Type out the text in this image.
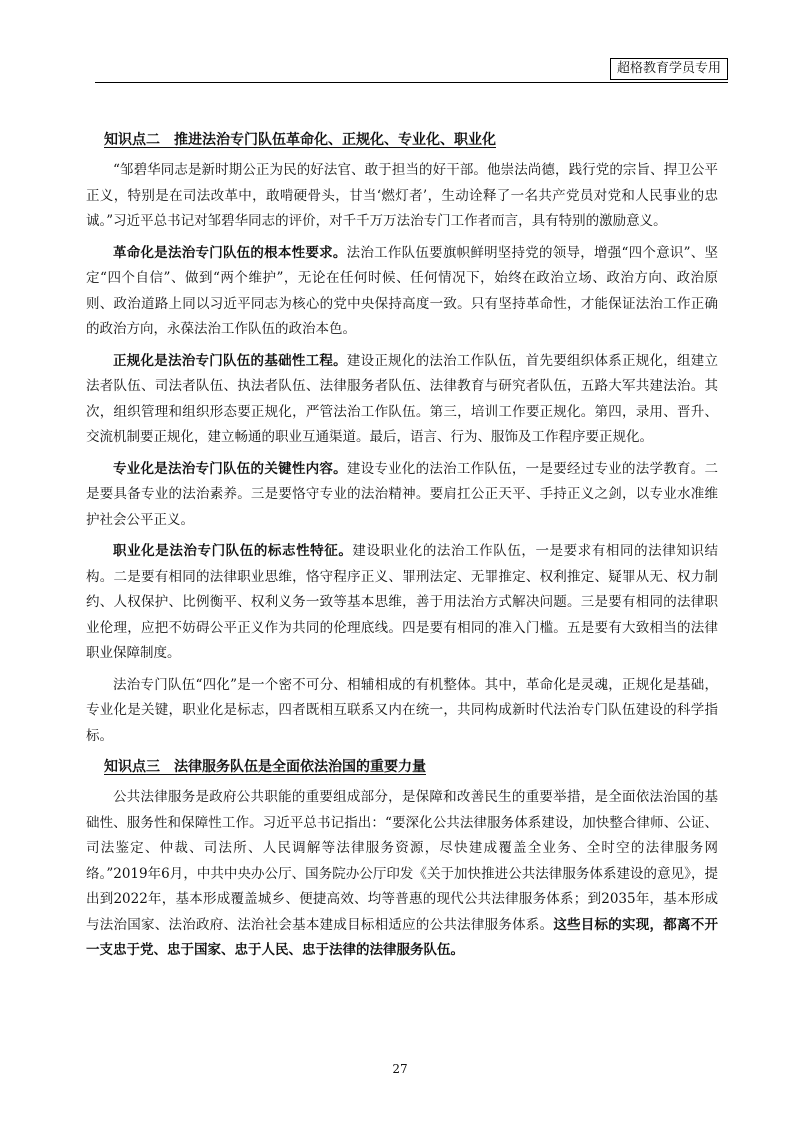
超格教育学员专用
知识点二　推进法治专门队伍革命化、正规化、专业化、职业化

“邹碧华同志是新时期公正为民的好法官、敢于担当的好干部。他崇法尚德，践行党的宗旨、捍卫公平正义，特别是在司法改革中，敢啃硬骨头，甘当‘燃灯者’，生动诠释了一名共产党员对党和人民事业的忠诚。”习近平总书记对邹碧华同志的评价，对千千万万法治专门工作者而言，具有特别的激励意义。

革命化是法治专门队伍的根本性要求。法治工作队伍要旗帜鲜明坚持党的领导，增强“四个意识”、坚定“四个自信”、做到“两个维护”，无论在任何时候、任何情况下，始终在政治立场、政治方向、政治原则、政治道路上同以习近平同志为核心的党中央保持高度一致。只有坚持革命性，才能保证法治工作正确的政治方向，永葆法治工作队伍的政治本色。

正规化是法治专门队伍的基础性工程。建设正规化的法治工作队伍，首先要组织体系正规化，组建立法者队伍、司法者队伍、执法者队伍、法律服务者队伍、法律教育与研究者队伍，五路大军共建法治。其次，组织管理和组织形态要正规化，严管法治工作队伍。第三，培训工作要正规化。第四，录用、晋升、交流机制要正规化，建立畅通的职业互通渠道。最后，语言、行为、服饰及工作程序要正规化。

专业化是法治专门队伍的关键性内容。建设专业化的法治工作队伍，一是要经过专业的法学教育。二是要具备专业的法治素养。三是要恪守专业的法治精神。要肩扛公正天平、手持正义之剑，以专业水准维护社会公平正义。

职业化是法治专门队伍的标志性特征。建设职业化的法治工作队伍，一是要求有相同的法律知识结构。二是要有相同的法律职业思维，恪守程序正义、罪刑法定、无罪推定、权利推定、疑罪从无、权力制约、人权保护、比例衡平、权利义务一致等基本思维，善于用法治方式解决问题。三是要有相同的法律职业伦理，应把不妨碍公平正义作为共同的伦理底线。四是要有相同的准入门槛。五是要有大致相当的法律职业保障制度。

法治专门队伍“四化”是一个密不可分、相辅相成的有机整体。其中，革命化是灵魂，正规化是基础，专业化是关键，职业化是标志，四者既相互联系又内在统一，共同构成新时代法治专门队伍建设的科学指标。

知识点三　法律服务队伍是全面依法治国的重要力量

公共法律服务是政府公共职能的重要组成部分，是保障和改善民生的重要举措，是全面依法治国的基础性、服务性和保障性工作。习近平总书记指出：“要深化公共法律服务体系建设，加快整合律师、公证、司法鉴定、仲裁、司法所、人民调解等法律服务资源，尽快建成覆盖全业务、全时空的法律服务网络。”2019年6月，中共中央办公厅、国务院办公厅印发《关于加快推进公共法律服务体系建设的意见》，提出到2022年，基本形成覆盖城乡、便捷高效、均等普惠的现代公共法律服务体系；到2035年，基本形成与法治国家、法治政府、法治社会基本建成目标相适应的公共法律服务体系。这些目标的实现，都离不开一支忠于党、忠于国家、忠于人民、忠于法律的法律服务队伍。

27
